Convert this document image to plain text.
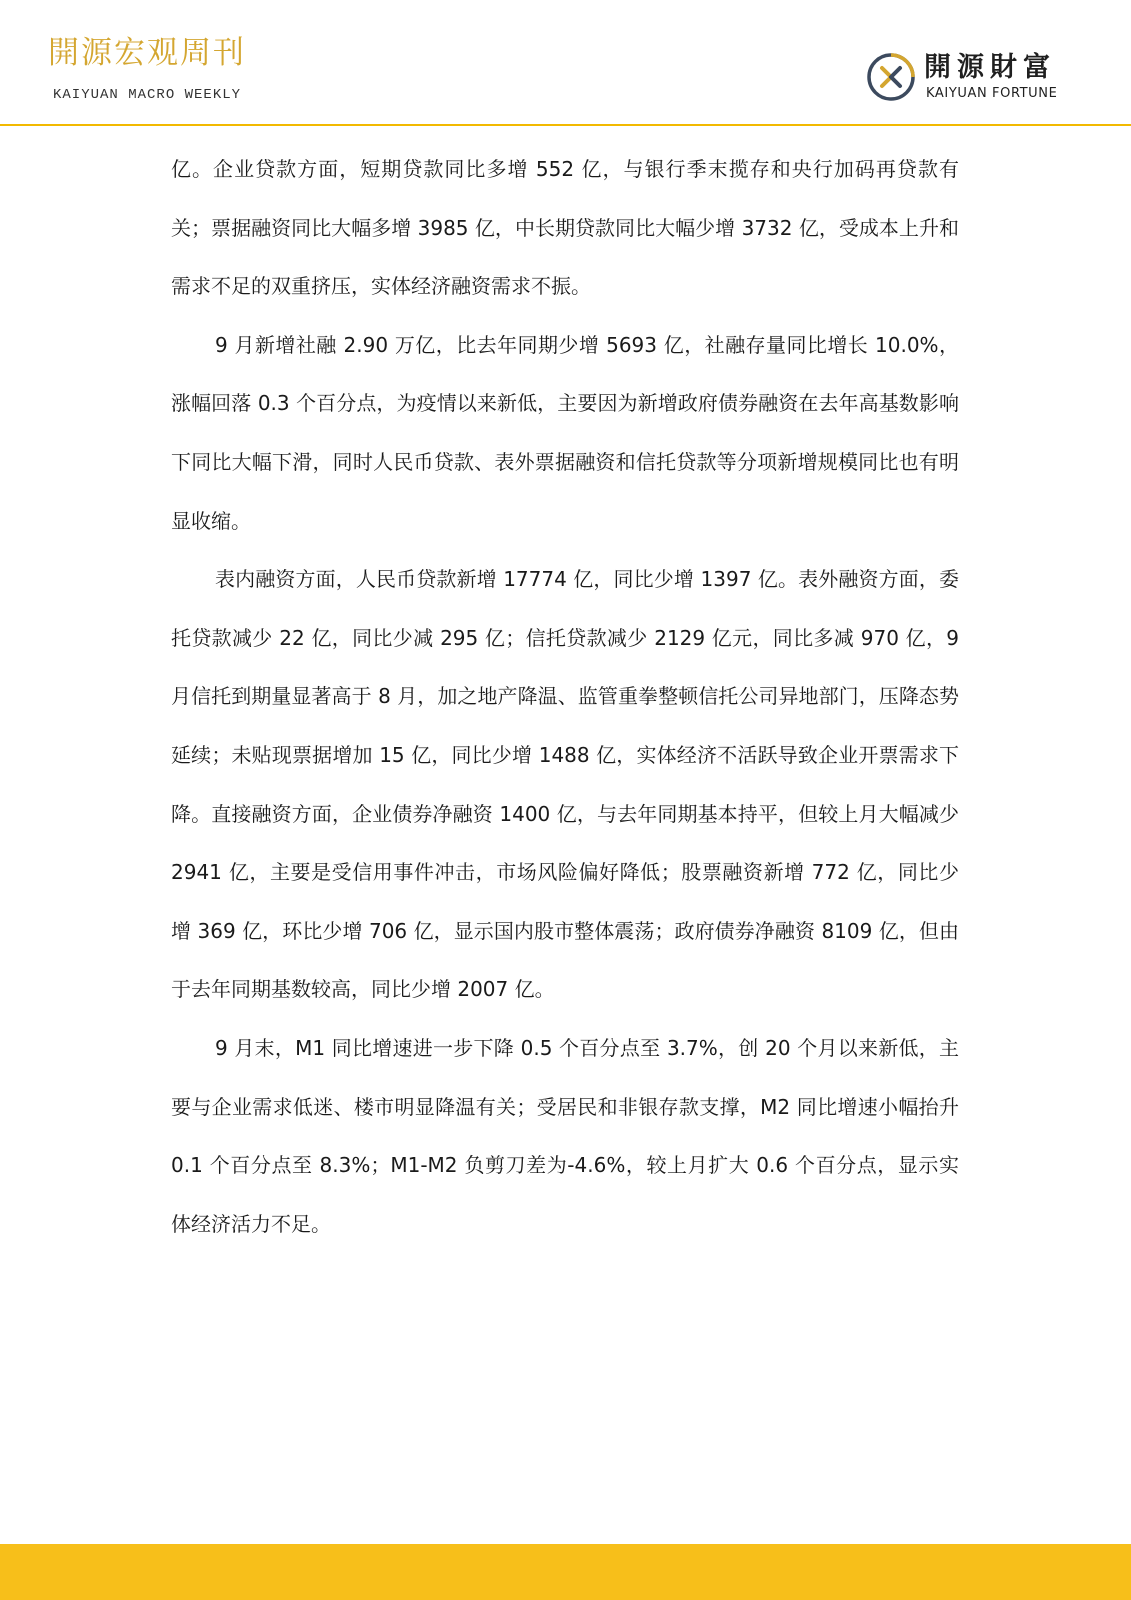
開源宏观周刊
KAIYUAN MACRO WEEKLY
開源財富
KAIYUAN FORTUNE

亿。企业贷款方面，短期贷款同比多增 552 亿，与银行季末揽存和央行加码再贷款有关；票据融资同比大幅多增 3985 亿，中长期贷款同比大幅少增 3732 亿，受成本上升和需求不足的双重挤压，实体经济融资需求不振。

9 月新增社融 2.90 万亿，比去年同期少增 5693 亿，社融存量同比增长 10.0%，涨幅回落 0.3 个百分点，为疫情以来新低，主要因为新增政府债券融资在去年高基数影响下同比大幅下滑，同时人民币贷款、表外票据融资和信托贷款等分项新增规模同比也有明显收缩。

表内融资方面，人民币贷款新增 17774 亿，同比少增 1397 亿。表外融资方面，委托贷款减少 22 亿，同比少减 295 亿；信托贷款减少 2129 亿元，同比多减 970 亿，9 月信托到期量显著高于 8 月，加之地产降温、监管重拳整顿信托公司异地部门，压降态势延续；未贴现票据增加 15 亿，同比少增 1488 亿，实体经济不活跃导致企业开票需求下降。直接融资方面，企业债券净融资 1400 亿，与去年同期基本持平，但较上月大幅减少 2941 亿，主要是受信用事件冲击，市场风险偏好降低；股票融资新增 772 亿，同比少增 369 亿，环比少增 706 亿，显示国内股市整体震荡；政府债券净融资 8109 亿，但由于去年同期基数较高，同比少增 2007 亿。

9 月末，M1 同比增速进一步下降 0.5 个百分点至 3.7%，创 20 个月以来新低，主要与企业需求低迷、楼市明显降温有关；受居民和非银存款支撑，M2 同比增速小幅抬升 0.1 个百分点至 8.3%；M1-M2 负剪刀差为-4.6%，较上月扩大 0.6 个百分点，显示实体经济活力不足。
